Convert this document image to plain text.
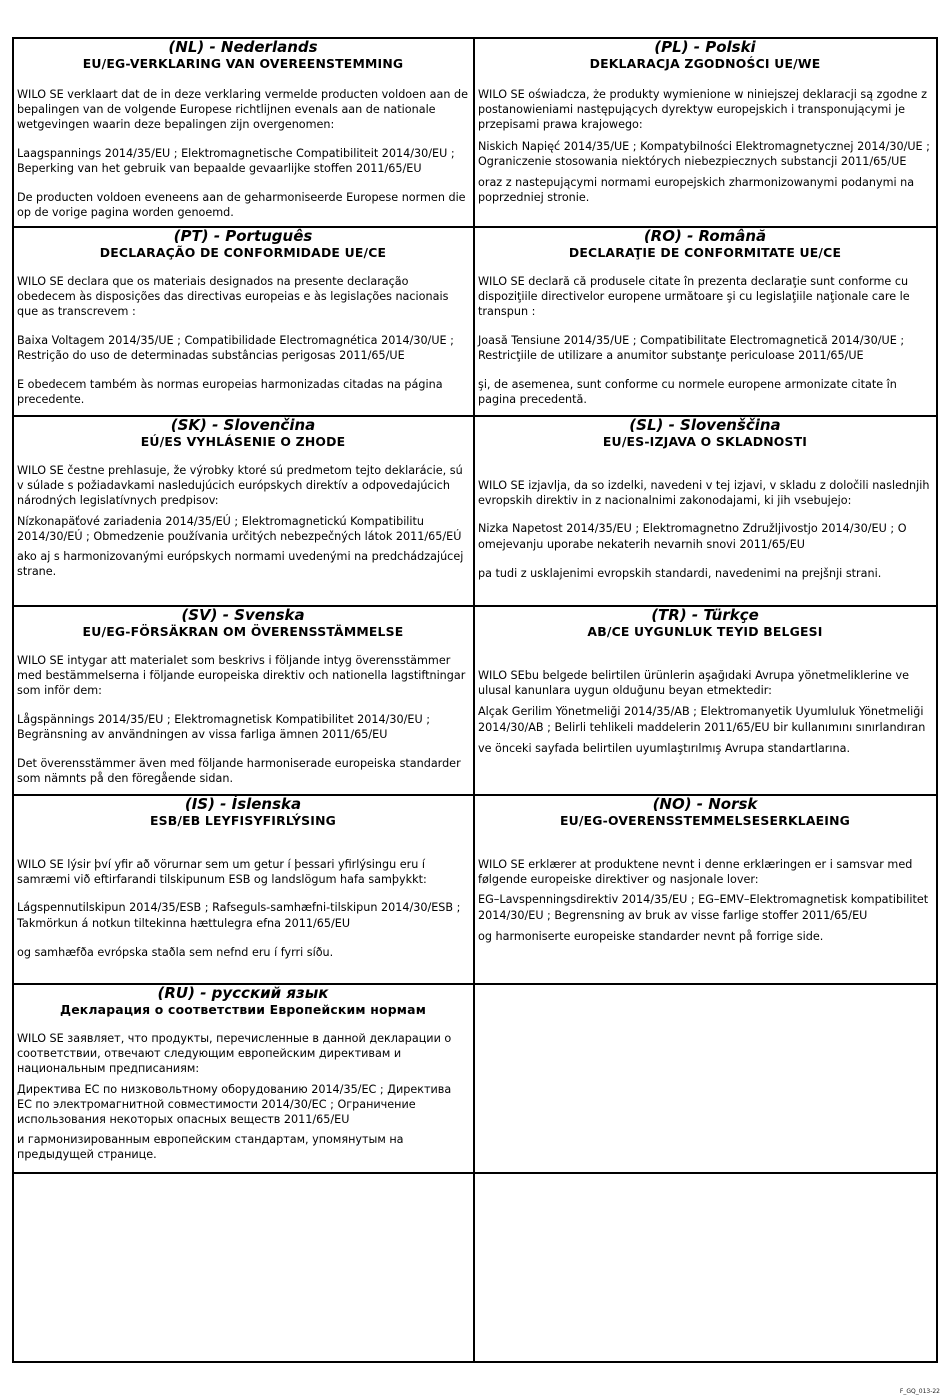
(NL) - Nederlands
EU/EG-VERKLARING VAN OVEREENSTEMMING

WILO SE verklaart dat de in deze verklaring vermelde producten voldoen aan de bepalingen van de volgende Europese richtlijnen evenals aan de nationale wetgevingen waarin deze bepalingen zijn overgenomen:

Laagspannings 2014/35/EU ; Elektromagnetische Compatibiliteit 2014/30/EU ; Beperking van het gebruik van bepaalde gevaarlijke stoffen 2011/65/EU

De producten voldoen eveneens aan de geharmoniseerde Europese normen die op de vorige pagina worden genoemd.

(PL) - Polski
DEKLARACJA ZGODNOŚCI UE/WE

WILO SE oświadcza, że produkty wymienione w niniejszej deklaracji są zgodne z postanowieniami następujących dyrektyw europejskich i transponującymi je przepisami prawa krajowego:

Niskich Napięć 2014/35/UE ; Kompatybilności Elektromagnetycznej 2014/30/UE ; Ograniczenie stosowania niektórych niebezpiecznych substancji 2011/65/UE

oraz z nastepującymi normami europejskich zharmonizowanymi podanymi na poprzedniej stronie.

(PT) - Português
DECLARAÇÃO DE CONFORMIDADE UE/CE

WILO SE declara que os materiais designados na presente declaração obedecem às disposições das directivas europeias e às legislações nacionais que as transcrevem :

Baixa Voltagem 2014/35/UE ; Compatibilidade Electromagnética 2014/30/UE ; Restrição do uso de determinadas substâncias perigosas 2011/65/UE

E obedecem também às normas europeias harmonizadas citadas na página precedente.

(RO) - Română
DECLARAŢIE DE CONFORMITATE UE/CE

WILO SE declară că produsele citate în prezenta declaraţie sunt conforme cu dispoziţiile directivelor europene următoare şi cu legislaţiile naţionale care le transpun :

Joasă Tensiune 2014/35/UE ; Compatibilitate Electromagnetică 2014/30/UE ; Restricţiile de utilizare a anumitor substanţe periculoase 2011/65/UE

şi, de asemenea, sunt conforme cu normele europene armonizate citate în pagina precedentă.

(SK) - Slovenčina
EÚ/ES VYHLÁSENIE O ZHODE

WILO SE čestne prehlasuje, že výrobky ktoré sú predmetom tejto deklarácie, sú v súlade s požiadavkami nasledujúcich európskych direktív a odpovedajúcich národných legislatívnych predpisov:

Nízkonapäťové zariadenia 2014/35/EÚ ; Elektromagnetickú Kompatibilitu 2014/30/EÚ ; Obmedzenie používania určitých nebezpečných látok 2011/65/EÚ

ako aj s harmonizovanými európskych normami uvedenými na predchádzajúcej strane.

(SL) - Slovenščina
EU/ES-IZJAVA O SKLADNOSTI

WILO SE izjavlja, da so izdelki, navedeni v tej izjavi, v skladu z določili naslednjih evropskih direktiv in z nacionalnimi zakonodajami, ki jih vsebujejo:

Nizka Napetost 2014/35/EU ; Elektromagnetno Združljivostjo 2014/30/EU ; O omejevanju uporabe nekaterih nevarnih snovi 2011/65/EU

pa tudi z usklajenimi evropskih standardi, navedenimi na prejšnji strani.

(SV) - Svenska
EU/EG-FÖRSÄKRAN OM ÖVERENSSTÄMMELSE

WILO SE intygar att materialet som beskrivs i följande intyg överensstämmer med bestämmelserna i följande europeiska direktiv och nationella lagstiftningar som inför dem:

Lågspännings 2014/35/EU ; Elektromagnetisk Kompatibilitet 2014/30/EU ; Begränsning av användningen av vissa farliga ämnen 2011/65/EU

Det överensstämmer även med följande harmoniserade europeiska standarder som nämnts på den föregående sidan.

(TR) - Türkçe
AB/CE UYGUNLUK TEYID BELGESI

WILO SEbu belgede belirtilen ürünlerin aşağıdaki Avrupa yönetmeliklerine ve ulusal kanunlara uygun olduğunu beyan etmektedir:

Alçak Gerilim Yönetmeliği 2014/35/AB ; Elektromanyetik Uyumluluk Yönetmeliği 2014/30/AB ; Belirli tehlikeli maddelerin 2011/65/EU bir kullanımını sınırlandıran

ve önceki sayfada belirtilen uyumlaştırılmış Avrupa standartlarına.

(IS) - Íslenska
ESB/EB LEYFISYFIRLÝSING

WILO SE lýsir því yfir að vörurnar sem um getur í þessari yfirlýsingu eru í samræmi við eftirfarandi tilskipunum ESB og landslögum hafa samþykkt:

Lágspennutilskipun 2014/35/ESB ; Rafseguls-samhæfni-tilskipun 2014/30/ESB ; Takmörkun á notkun tiltekinna hættulegra efna 2011/65/EU

og samhæfða evrópska staðla sem nefnd eru í fyrri síðu.

(NO) - Norsk
EU/EG-OVERENSSTEMMELSESERKLAEING

WILO SE erklærer at produktene nevnt i denne erklæringen er i samsvar med følgende europeiske direktiver og nasjonale lover:

EG–Lavspenningsdirektiv 2014/35/EU ; EG–EMV–Elektromagnetisk kompatibilitet 2014/30/EU ; Begrensning av bruk av visse farlige stoffer 2011/65/EU

og harmoniserte europeiske standarder nevnt på forrige side.

(RU) - русский язык
Декларация о соответствии Европейским нормам

WILO SE заявляет, что продукты, перечисленные в данной декларации о соответствии, отвечают следующим европейским директивам и национальным предписаниям:

Директива ЕС по низковольтному оборудованию 2014/35/ЕС ; Директива ЕС по электромагнитной совместимости 2014/30/ЕС ; Ограничение использования некоторых опасных веществ 2011/65/EU

и гармонизированным европейским стандартам, упомянутым на предыдущей странице.

F_GQ_013-22
